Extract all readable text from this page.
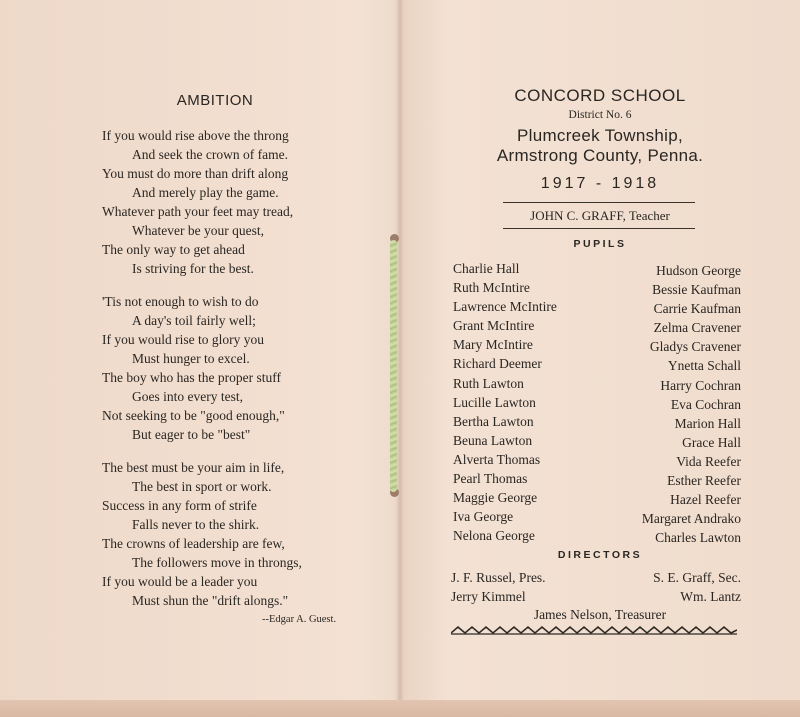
AMBITION
If you would rise above the throng
And seek the crown of fame.
You must do more than drift along
And merely play the game.
Whatever path your feet may tread,
Whatever be your quest,
The only way to get ahead
Is striving for the best.
'Tis not enough to wish to do
A day's toil fairly well;
If you would rise to glory you
Must hunger to excel.
The boy who has the proper stuff
Goes into every test,
Not seeking to be "good enough,"
But eager to be "best"
The best must be your aim in life,
The best in sport or work.
Success in any form of strife
Falls never to the shirk.
The crowns of leadership are few,
The followers move in throngs,
If you would be a leader you
Must shun the "drift alongs."
--Edgar A. Guest.
CONCORD SCHOOL
District No. 6
Plumcreek Township,
Armstrong County, Penna.
1917 - 1918
JOHN C. GRAFF, Teacher
PUPILS
Charlie Hall
Ruth McIntire
Lawrence McIntire
Grant McIntire
Mary McIntire
Richard Deemer
Ruth Lawton
Lucille Lawton
Bertha Lawton
Beuna Lawton
Alverta Thomas
Pearl Thomas
Maggie George
Iva George
Nelona George
Hudson George
Bessie Kaufman
Carrie Kaufman
Zelma Cravener
Gladys Cravener
Ynetta Schall
Harry Cochran
Eva Cochran
Marion Hall
Grace Hall
Vida Reefer
Esther Reefer
Hazel Reefer
Margaret Andrako
Charles Lawton
DIRECTORS
J. F. Russel, Pres.
Jerry Kimmel
S. E. Graff, Sec.
Wm. Lantz
James Nelson, Treasurer
